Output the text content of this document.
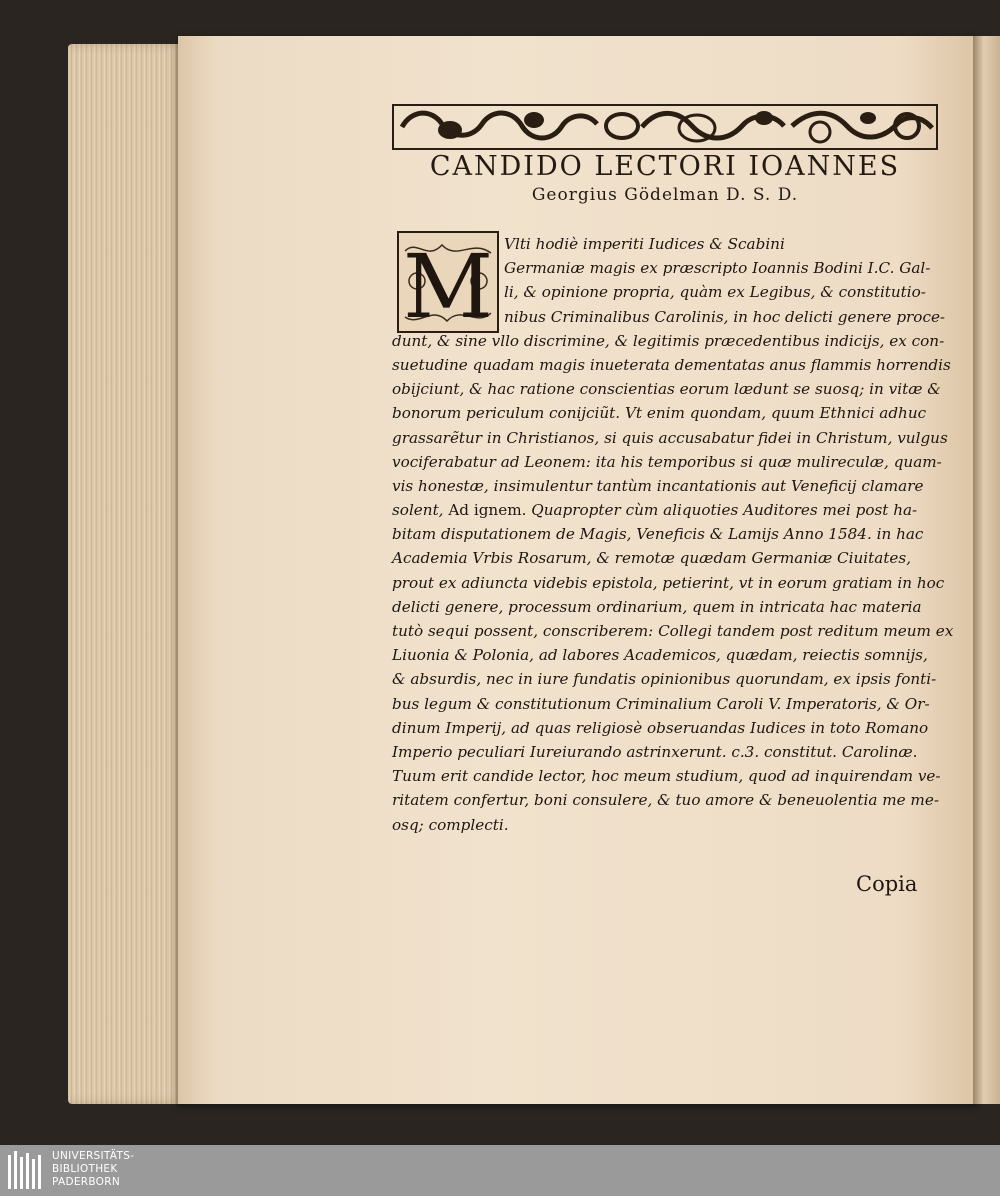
CANDIDO LECTORI IOANNES
Georgius Gödelman D. S. D.
M Vlti hodiè imperiti Iudices & Scabini
Germaniæ magis ex præscripto Ioannis Bodini I.C. Gal-
li, & opinione propria, quàm ex Legibus, & constitutio-
nibus Criminalibus Carolinis, in hoc delicti genere proce-
dunt, & sine vllo discrimine, & legitimis præcedentibus indicijs, ex con-
suetudine quadam magis inueterata dementatas anus flammis horrendis
obijciunt, & hac ratione conscientias eorum lædunt se suosq; in vitæ &
bonorum periculum conijciũt. Vt enim quondam, quum Ethnici adhuc
grassarẽtur in Christianos, si quis accusabatur fidei in Christum, vulgus
vociferabatur ad Leonem: ita his temporibus si quæ mulireculæ, quam-
vis honestæ, insimulentur tantùm incantationis aut Veneficij clamare
solent, Ad ignem. Quapropter cùm aliquoties Auditores mei post ha-
bitam disputationem de Magis, Veneficis & Lamijs Anno 1584. in hac
Academia Vrbis Rosarum, & remotæ quædam Germaniæ Ciuitates,
prout ex adiuncta videbis epistola, petierint, vt in eorum gratiam in hoc
delicti genere, processum ordinarium, quem in intricata hac materia
tutò sequi possent, conscriberem: Collegi tandem post reditum meum ex
Liuonia & Polonia, ad labores Academicos, quædam, reiectis somnijs,
& absurdis, nec in iure fundatis opinionibus quorundam, ex ipsis fonti-
bus legum & constitutionum Criminalium Caroli V. Imperatoris, & Or-
dinum Imperij, ad quas religiosè obseruandas Iudices in toto Romano
Imperio peculiari Iureiurando astrinxerunt. c.3. constitut. Carolinæ.
Tuum erit candide lector, hoc meum studium, quod ad inquirendam ve-
ritatem confertur, boni consulere, & tuo amore & beneuolentia me me-
osq; complecti.
Copia
UNIVERSITÄTS-
BIBLIOTHEK
PADERBORN
